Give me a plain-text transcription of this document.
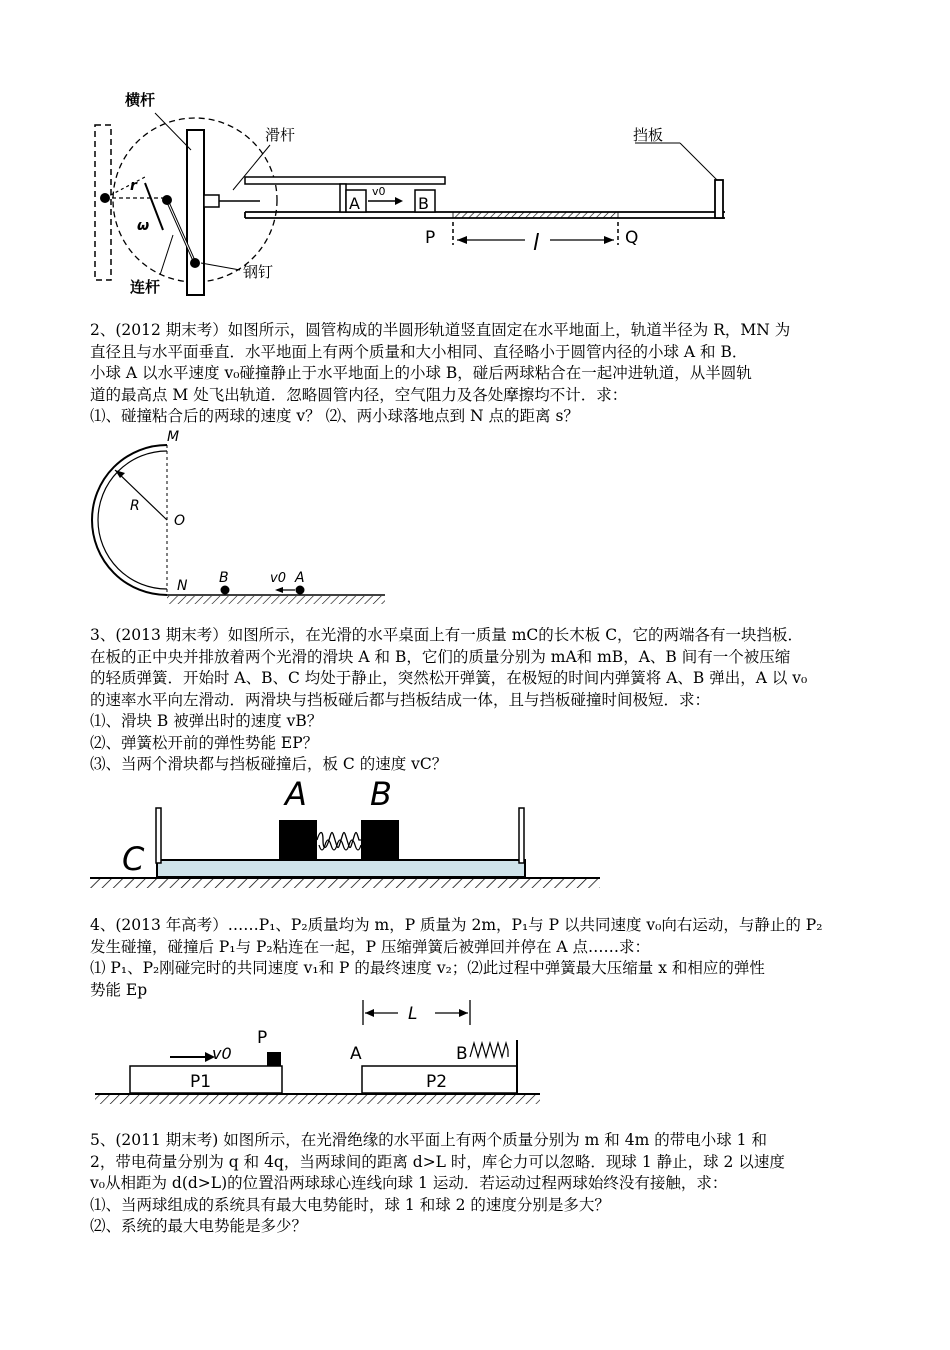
r
ω
A
v0
B
挡板
P	Q
l
横杆
滑杆
连杆
钢钉

2、(2012 期末考）如图所示，圆管构成的半圆形轨道竖直固定在水平地面上，轨道半径为 R，MN 为

直径且与水平面垂直．水平地面上有两个质量和大小相同、直径略小于圆管内径的小球 A 和 B．

小球 A 以水平速度 v₀碰撞静止于水平地面上的小球 B，碰后两球粘合在一起冲进轨道，从半圆轨

道的最高点 M 处飞出轨道．忽略圆管内径，空气阻力及各处摩擦均不计．求：

⑴、碰撞粘合后的两球的速度 v？ ⑵、两小球落地点到 N 点的距离 s？

M
R
O
N B	A
v0

3、(2013 期末考）如图所示，在光滑的水平桌面上有一质量 mC的长木板 C，它的两端各有一块挡板．

在板的正中央并排放着两个光滑的滑块 A 和 B，它们的质量分别为 mA和 mB，A、B 间有一个被压缩

的轻质弹簧．开始时 A、B、C 均处于静止，突然松开弹簧，在极短的时间内弹簧将 A、B 弹出，A 以 v₀

的速率水平向左滑动．两滑块与挡板碰后都与挡板结成一体，且与挡板碰撞时间极短．求：

⑴、滑块 B 被弹出时的速度 vB？

⑵、弹簧松开前的弹性势能 EP？

⑶、当两个滑块都与挡板碰撞后，板 C 的速度 vC？

A B
C

4、(2013 年高考）……P₁、P₂质量均为 m，P 质量为 2m，P₁与 P 以共同速度 v₀向右运动，与静止的 P₂

发生碰撞，碰撞后 P₁与 P₂粘连在一起，P 压缩弹簧后被弹回并停在 A 点……求：

⑴ P₁、P₂刚碰完时的共同速度 v₁和 P 的最终速度 v₂；⑵此过程中弹簧最大压缩量 x 和相应的弹性

势能 Ep

v0
P
P1
A
L
B
P2

5、(2011 期末考) 如图所示，在光滑绝缘的水平面上有两个质量分别为 m 和 4m 的带电小球 1 和

2，带电荷量分别为 q 和 4q，当两球间的距离 d>L 时，库仑力可以忽略．现球 1 静止，球 2 以速度

v₀从相距为 d(d>L)的位置沿两球球心连线向球 1 运动．若运动过程两球始终没有接触，求：

⑴、当两球组成的系统具有最大电势能时，球 1 和球 2 的速度分别是多大？

⑵、系统的最大电势能是多少？
